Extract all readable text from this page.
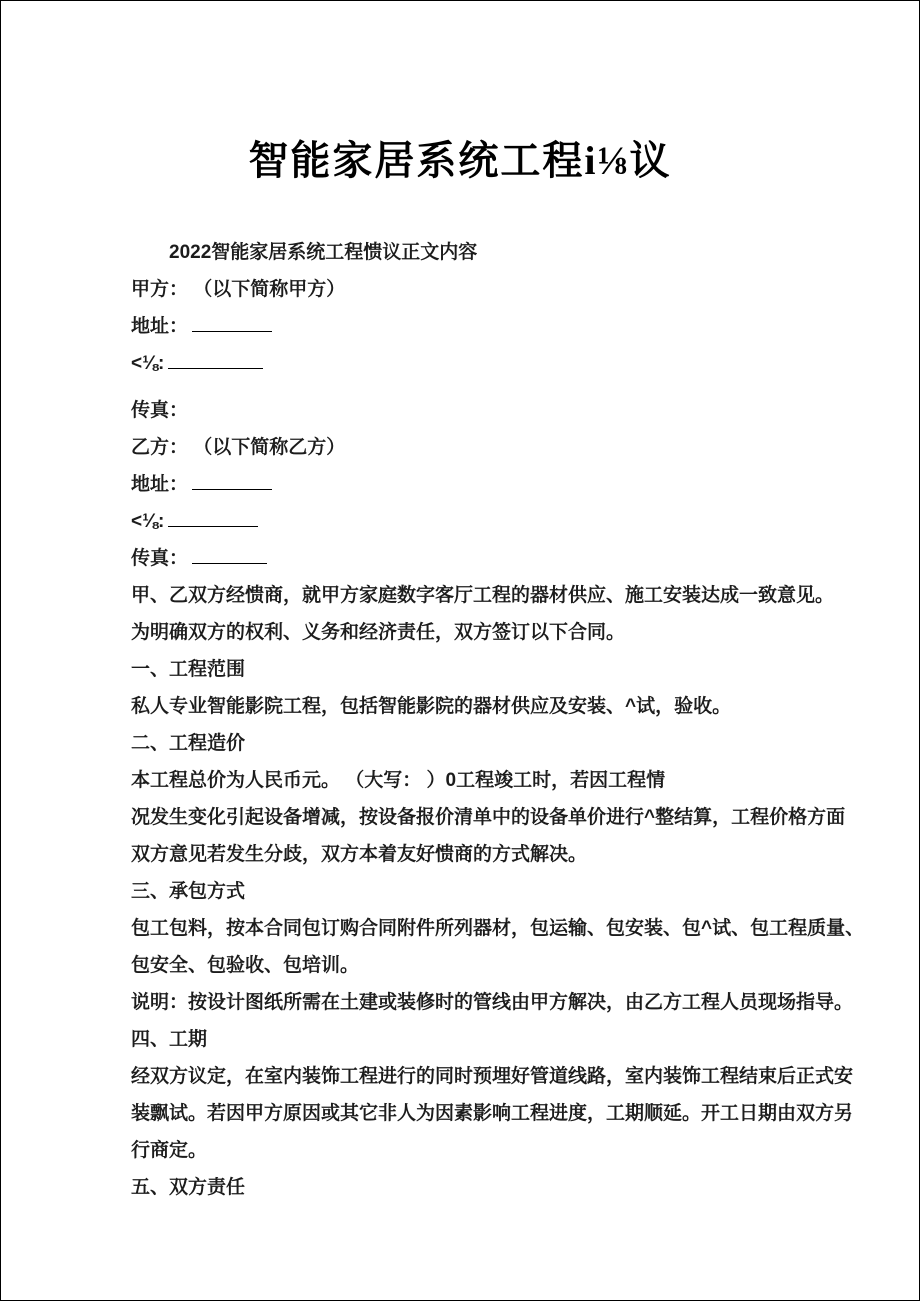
智能家居系统工程i⅛议
2022智能家居系统工程愦议正文内容
甲方： （以下简称甲方）
地址：
<⅛:
传真：
乙方： （以下简称乙方）
地址：
<⅛:
传真：
甲、乙双方经愦商，就甲方家庭数字客厅工程的器材供应、施工安装达成一致意见。
为明确双方的权利、义务和经济责任，双方签订以下合同。
一、工程范围
私人专业智能影院工程，包括智能影院的器材供应及安装、^试，验收。
二、工程造价
本工程总价为人民币元。 （大写： ）0工程竣工时，若因工程情
况发生变化引起设备增减，按设备报价清单中的设备单价进行^整结算，工程价格方面
双方意见若发生分歧，双方本着友好愦商的方式解决。
三、承包方式
包工包料，按本合同包订购合同附件所列器材，包运输、包安装、包^试、包工程质量、
包安全、包验收、包培训。
说明：按设计图纸所需在土建或装修时的管线由甲方解决，由乙方工程人员现场指导。
四、工期
经双方议定，在室内装饰工程进行的同时预埋好管道线路，室内装饰工程结束后正式安
装飘试。若因甲方原因或其它非人为因素影响工程进度，工期顺延。开工日期由双方另
行商定。
五、双方责任
